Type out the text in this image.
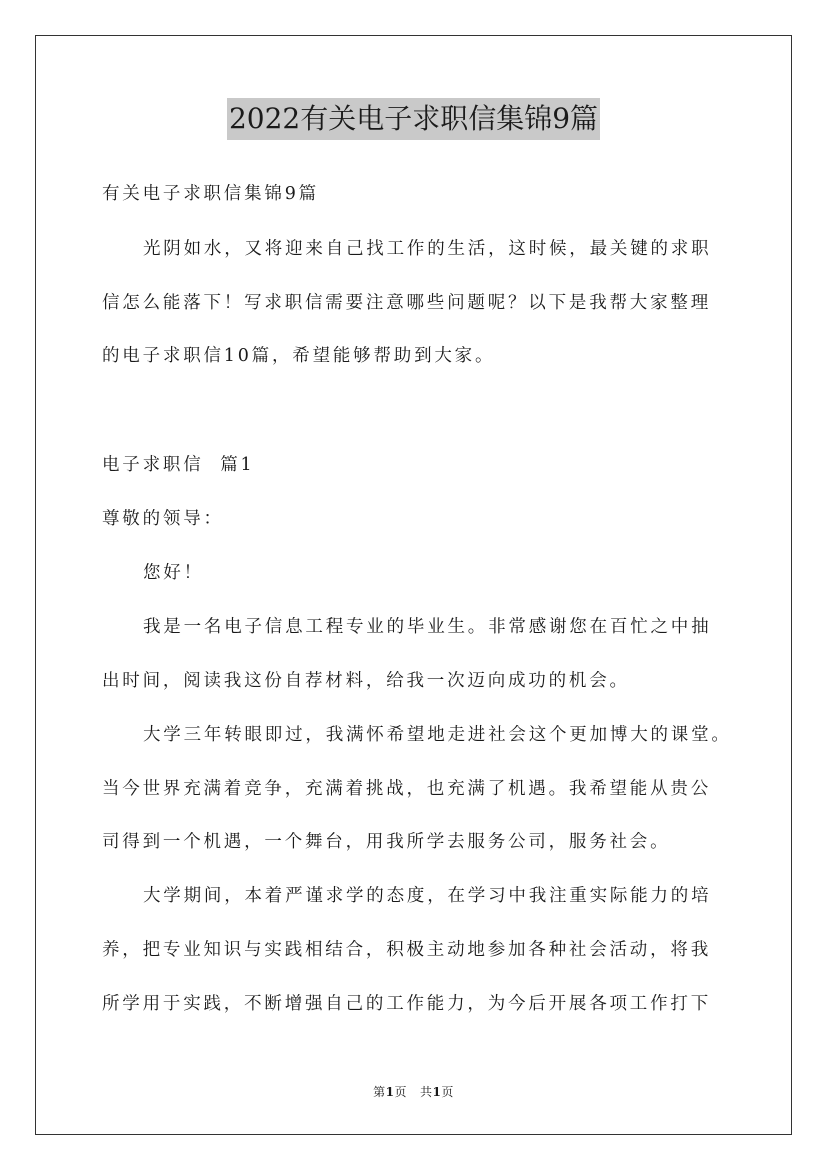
2022有关电子求职信集锦9篇
有关电子求职信集锦9篇
光阴如水，又将迎来自己找工作的生活，这时候，最关键的求职
信怎么能落下！写求职信需要注意哪些问题呢？以下是我帮大家整理
的电子求职信10篇，希望能够帮助到大家。
电子求职信  篇1
尊敬的领导：
您好！
我是一名电子信息工程专业的毕业生。非常感谢您在百忙之中抽
出时间，阅读我这份自荐材料，给我一次迈向成功的机会。
大学三年转眼即过，我满怀希望地走进社会这个更加博大的课堂。
当今世界充满着竞争，充满着挑战，也充满了机遇。我希望能从贵公
司得到一个机遇，一个舞台，用我所学去服务公司，服务社会。
大学期间，本着严谨求学的态度，在学习中我注重实际能力的培
养，把专业知识与实践相结合，积极主动地参加各种社会活动，将我
所学用于实践，不断增强自己的工作能力，为今后开展各项工作打下
第1页 共1页
